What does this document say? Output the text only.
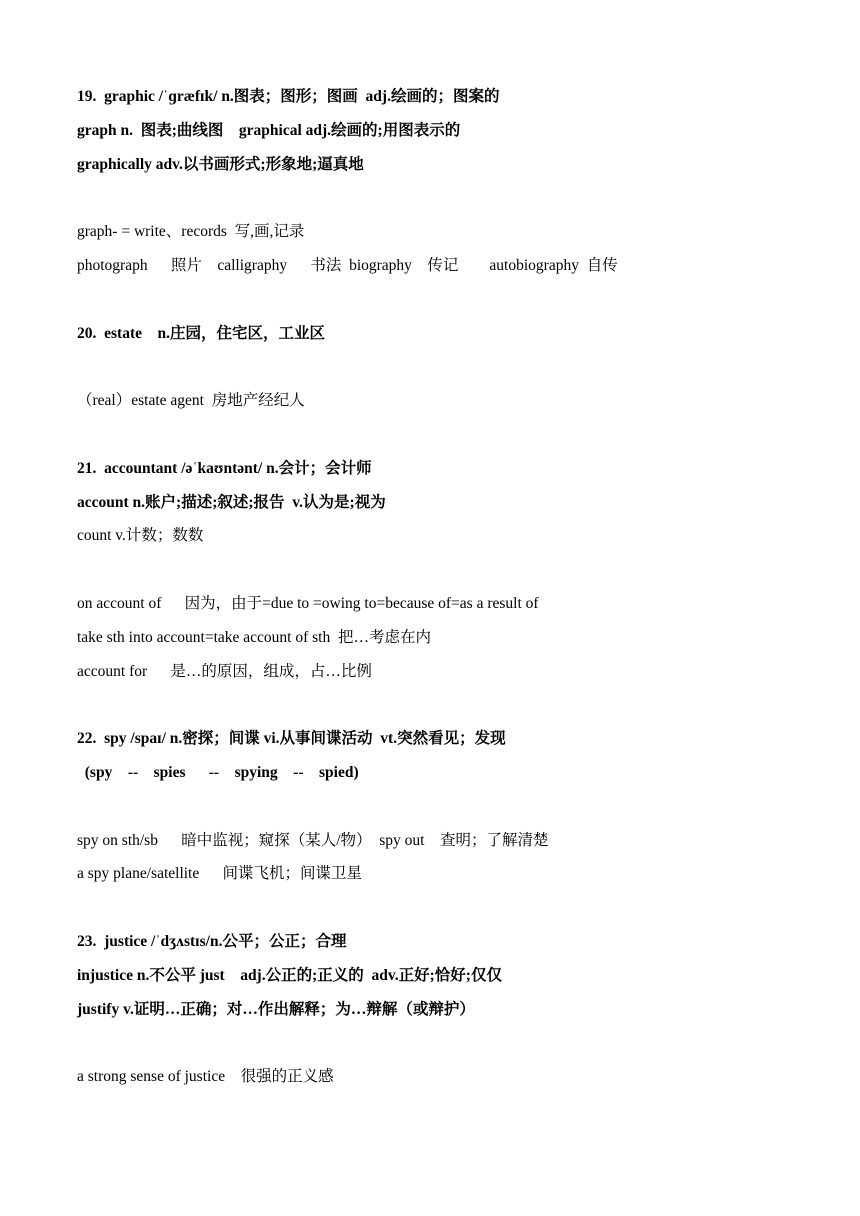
19.  graphic /ˈɡræfɪk/ n.图表；图形；图画  adj.绘画的；图案的
graph n.  图表;曲线图    graphical adj.绘画的;用图表示的
graphically adv.以书画形式;形象地;逼真地
graph- = write、records  写,画,记录
photograph      照片    calligraphy      书法  biography    传记        autobiography  自传
20.  estate    n.庄园，住宅区，工业区
（real）estate agent  房地产经纪人
21.  accountant /əˈkaʊntənt/ n.会计；会计师
account n.账户;描述;叙述;报告  v.认为是;视为
count v.计数；数数
on account of      因为，由于=due to =owing to=because of=as a result of
take sth into account=take account of sth  把…考虑在内
account for      是…的原因，组成，占…比例
22.  spy /spaɪ/ n.密探；间谍 vi.从事间谍活动  vt.突然看见；发现
(spy    --    spies      --    spying    --    spied)
spy on sth/sb      暗中监视；窥探（某人/物）  spy out    查明；了解清楚
a spy plane/satellite      间谍飞机；间谍卫星
23.  justice /ˈdʒʌstɪs/n.公平；公正；合理
injustice n.不公平 just    adj.公正的;正义的  adv.正好;恰好;仅仅
justify v.证明…正确；对…作出解释；为…辩解（或辩护）
a strong sense of justice    很强的正义感
